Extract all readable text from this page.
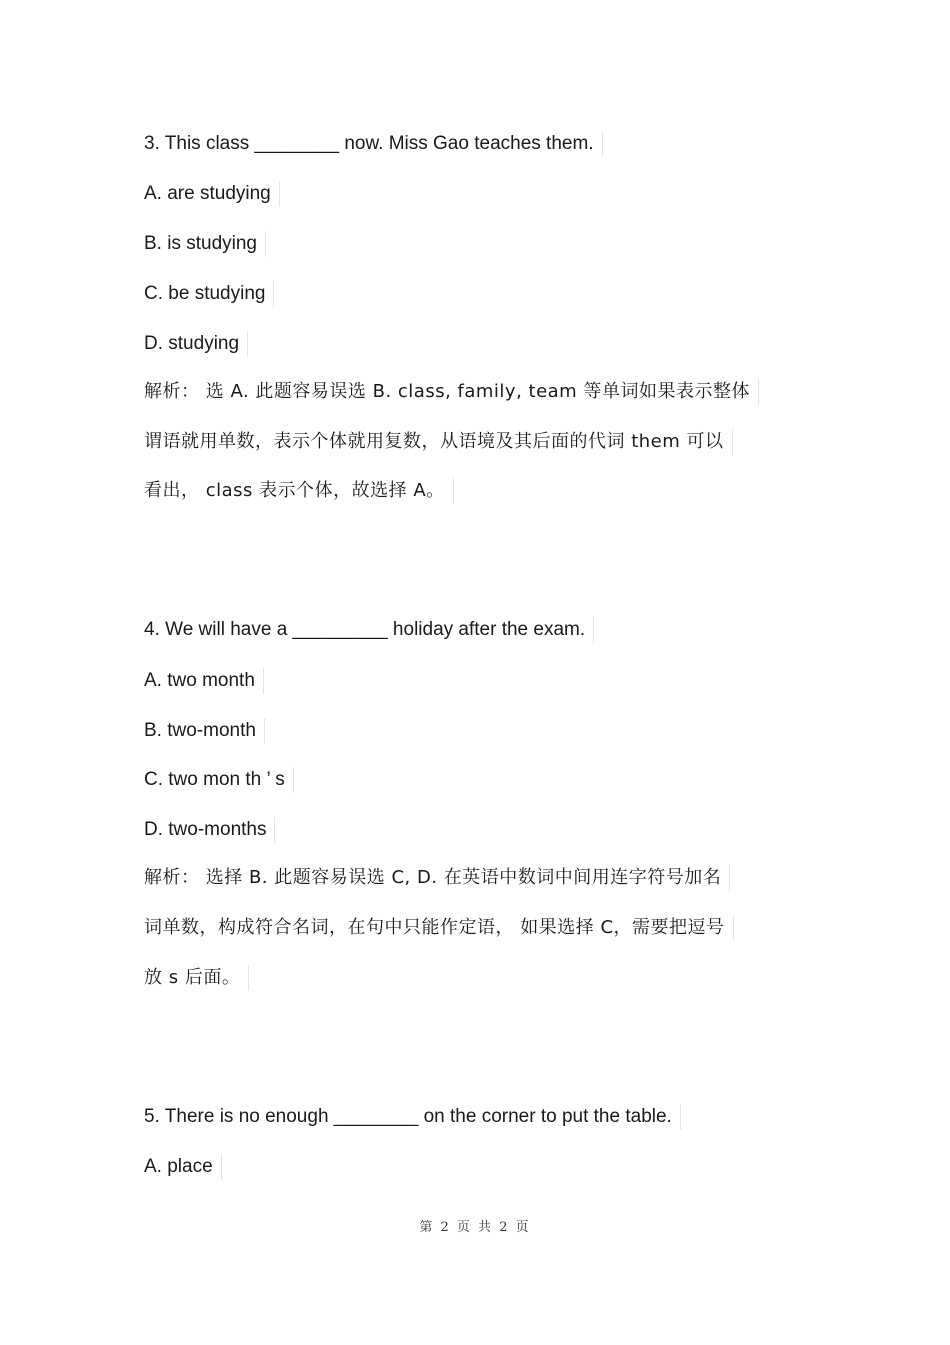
3. This class ________ now. Miss Gao teaches them.
A. are studying
B. is studying
C. be studying
D. studying
解析： 选 A. 此题容易误选 B. class, family, team 等单词如果表示整体
谓语就用单数，表示个体就用复数，从语境及其后面的代词 them 可以
看出， class 表示个体，故选择 A。
4. We will have a _________ holiday after the exam.
A. two month
B. two-month
C. two mon th ’ s
D. two-months
解析： 选择 B. 此题容易误选 C, D. 在英语中数词中间用连字符号加名
词单数，构成符合名词，在句中只能作定语， 如果选择 C，需要把逗号
放 s 后面。
5. There is no enough ________ on the corner to put the table.
A. place
第 2 页 共 2 页
